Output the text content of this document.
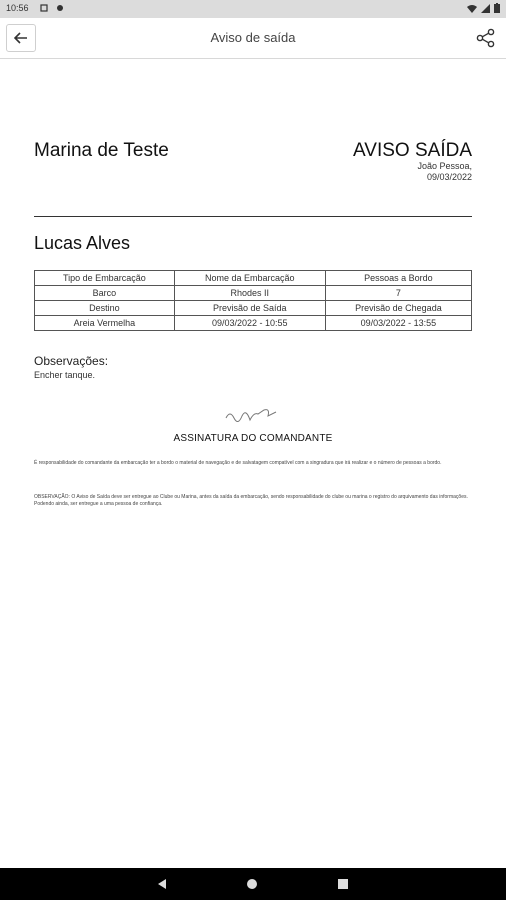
10:56
Aviso de saída
Marina de Teste	AVISO SAÍDA
João Pessoa,
09/03/2022
Lucas Alves
Tipo de Embarcação	Nome da Embarcação	Pessoas a Bordo
Barco	Rhodes II	7
Destino	Previsão de Saída	Previsão de Chegada
Areia Vermelha	09/03/2022 - 10:55	09/03/2022 - 13:55
Observações:
Encher tanque.
ASSINATURA DO COMANDANTE
É responsabilidade do comandante da embarcação ter a bordo o material de navegação e de salvatagem compatível com a singradura que irá realizar e o número de pessoas a bordo.
OBSERVAÇÃO: O Aviso de Saída deve ser entregue ao Clube ou Marina, antes da saída da embarcação, sendo responsabilidade do clube ou marina o registro do arquivamento das informações. Podendo ainda, ser entregue a uma pessoa de confiança.
